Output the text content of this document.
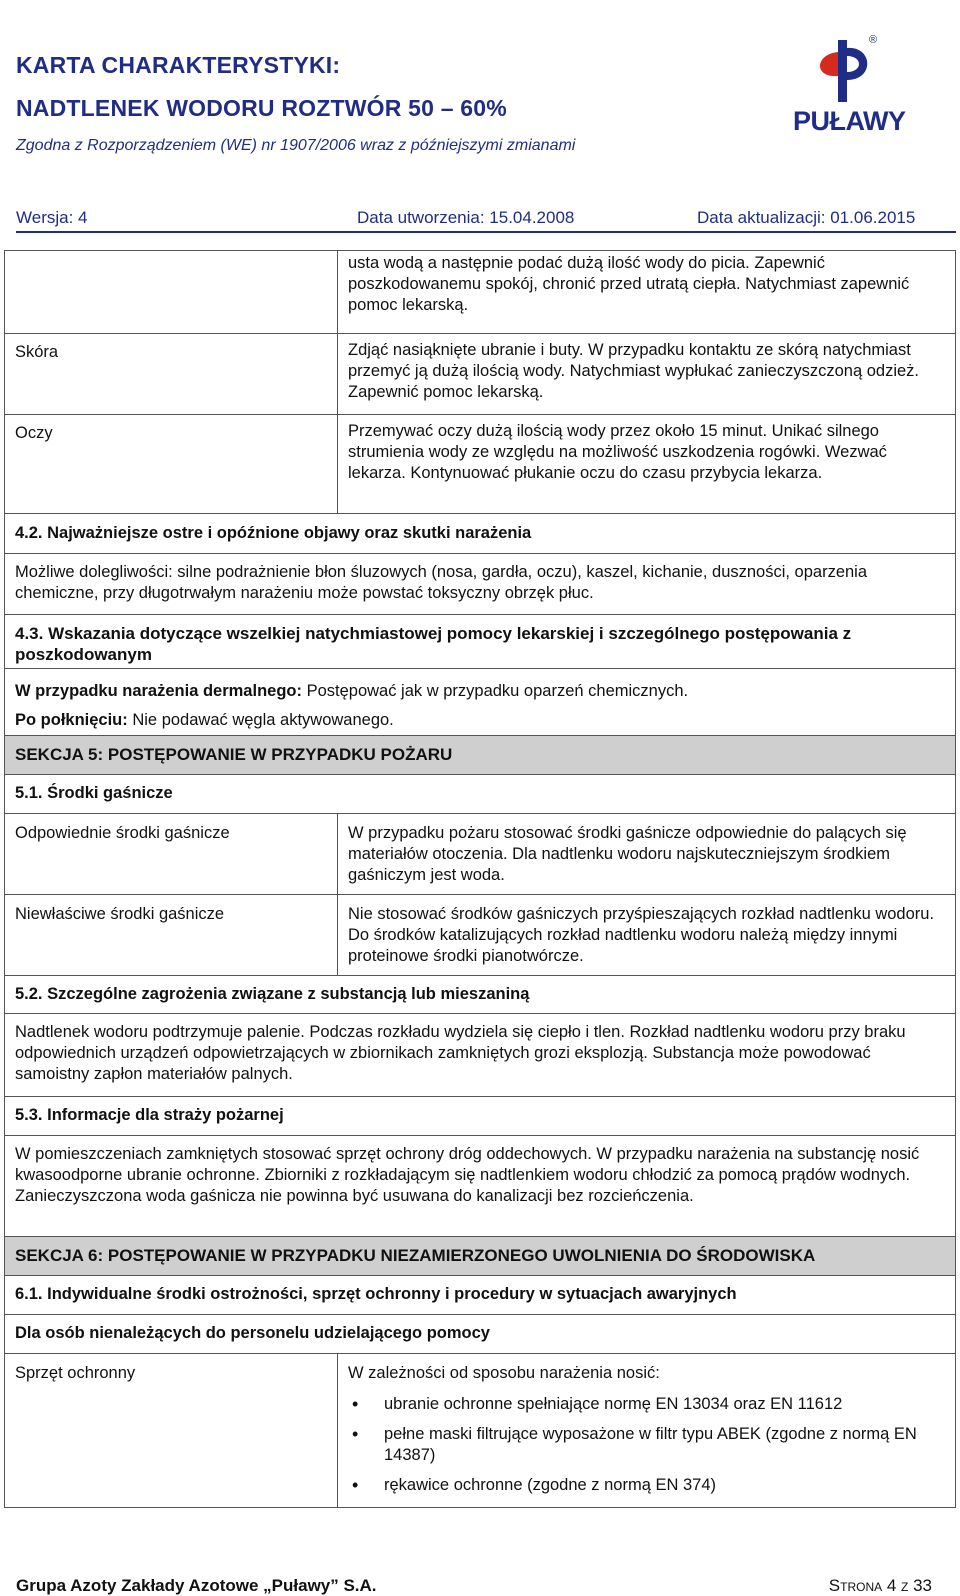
KARTA CHARAKTERYSTYKI:
NADTLENEK WODORU ROZTWÓR 50 – 60%
Zgodna z Rozporządzeniem (WE) nr 1907/2006 wraz z późniejszymi zmianami
®
PUŁAWY
Wersja: 4	Data utworzenia: 15.04.2008	Data aktualizacji: 01.06.2015
usta wodą a następnie podać dużą ilość wody do picia. Zapewnić poszkodowanemu spokój, chronić przed utratą ciepła. Natychmiast zapewnić pomoc lekarską.
Skóra	Zdjąć nasiąknięte ubranie i buty. W przypadku kontaktu ze skórą natychmiast przemyć ją dużą ilością wody. Natychmiast wypłukać zanieczyszczoną odzież. Zapewnić pomoc lekarską.
Oczy	Przemywać oczy dużą ilością wody przez około 15 minut. Unikać silnego strumienia wody ze względu na możliwość uszkodzenia rogówki. Wezwać lekarza. Kontynuować płukanie oczu do czasu przybycia lekarza.
4.2. Najważniejsze ostre i opóźnione objawy oraz skutki narażenia
Możliwe dolegliwości: silne podrażnienie błon śluzowych (nosa, gardła, oczu), kaszel, kichanie, duszności, oparzenia chemiczne, przy długotrwałym narażeniu może powstać toksyczny obrzęk płuc.
4.3. Wskazania dotyczące wszelkiej natychmiastowej pomocy lekarskiej i szczególnego postępowania z poszkodowanym
W przypadku narażenia dermalnego: Postępować jak w przypadku oparzeń chemicznych.
Po połknięciu: Nie podawać węgla aktywowanego.
SEKCJA 5: POSTĘPOWANIE W PRZYPADKU POŻARU
5.1. Środki gaśnicze
Odpowiednie środki gaśnicze	W przypadku pożaru stosować środki gaśnicze odpowiednie do palących się materiałów otoczenia. Dla nadtlenku wodoru najskuteczniejszym środkiem gaśniczym jest woda.
Niewłaściwe środki gaśnicze	Nie stosować środków gaśniczych przyśpieszających rozkład nadtlenku wodoru. Do środków katalizujących rozkład nadtlenku wodoru należą między innymi proteinowe środki pianotwórcze.
5.2. Szczególne zagrożenia związane z substancją lub mieszaniną
Nadtlenek wodoru podtrzymuje palenie. Podczas rozkładu wydziela się ciepło i tlen. Rozkład nadtlenku wodoru przy braku odpowiednich urządzeń odpowietrzających w zbiornikach zamkniętych grozi eksplozją. Substancja może powodować samoistny zapłon materiałów palnych.
5.3. Informacje dla straży pożarnej
W pomieszczeniach zamkniętych stosować sprzęt ochrony dróg oddechowych. W przypadku narażenia na substancję nosić kwasoodporne ubranie ochronne. Zbiorniki z rozkładającym się nadtlenkiem wodoru chłodzić za pomocą prądów wodnych. Zanieczyszczona woda gaśnicza nie powinna być usuwana do kanalizacji bez rozcieńczenia.
SEKCJA 6: POSTĘPOWANIE W PRZYPADKU NIEZAMIERZONEGO UWOLNIENIA DO ŚRODOWISKA
6.1. Indywidualne środki ostrożności, sprzęt ochronny i procedury w sytuacjach awaryjnych
Dla osób nienależących do personelu udzielającego pomocy
Sprzęt ochronny	W zależności od sposobu narażenia nosić:
• ubranie ochronne spełniające normę EN 13034 oraz EN 11612
• pełne maski filtrujące wyposażone w filtr typu ABEK (zgodne z normą EN 14387)
• rękawice ochronne (zgodne z normą EN 374)
Grupa Azoty Zakłady Azotowe „Puławy” S.A.	Strona 4 z 33
